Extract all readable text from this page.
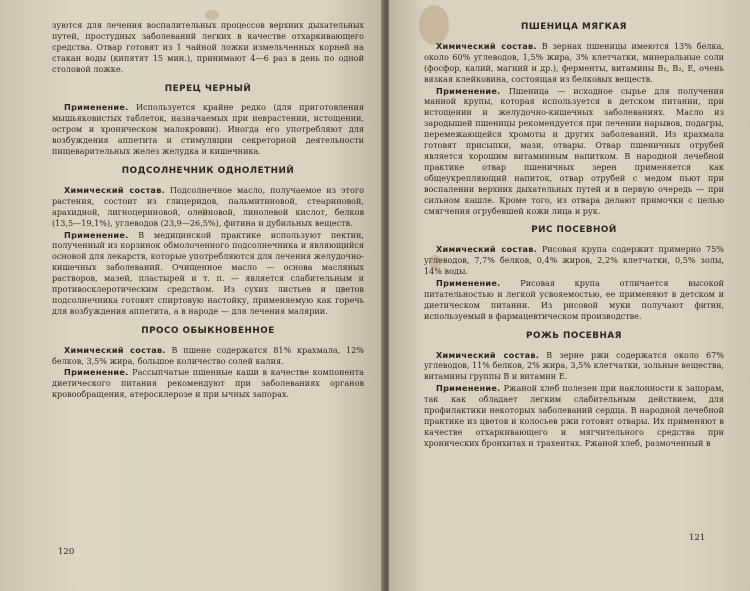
зуются для лечения воспалительных процессов верхних дыхательных путей, простудных заболеваний легких в качестве отхаркивающего средства. Отвар готовят из 1 чайной ложки измельченных корней на стакан воды (кипятят 15 мин.), принимают 4—6 раз в день по одной столовой ложке.

ПЕРЕЦ ЧЕРНЫЙ

Применение. Используется крайне редко (для приготовления мышьяковистых таблеток, назначаемых при неврастении, истощении, остром и хроническом малокровии). Иногда его употребляют для возбуждения аппетита и стимуляции секреторной деятельности пищеварительных желез желудка и кишечника.

ПОДСОЛНЕЧНИК ОДНОЛЕТНИЙ

Химический состав. Подсолнечное масло, получаемое из этого растения, состоит из глицеридов, пальмитиновой, стеариновой, арахидной, лигноцериновой, олеиновой, линолевой кислот, белков (13,5—19,1%), углеводов (23,9—26,5%), фитина и дубильных веществ.

Применение. В медицинской практике используют пектин, полученный из корзинок обмолоченного подсолнечника и являющийся основой для лекарств, которые употребляются для лечения желудочно-кишечных заболеваний. Очищенное масло — основа масляных растворов, мазей, пластырей и т. п. — является слабительным и противосклеротическим средством. Из сухих листьев и цветов подсолнечника готовят спиртовую настойку, применяемую как горечь для возбуждения аппетита, а в народе — для лечения малярии.

ПРОСО ОБЫКНОВЕННОЕ

Химический состав. В пшене содержатся 81% крахмала, 12% белков, 3,5% жира, большое количество солей калия.

Применение. Рассыпчатые пшенные каши в качестве компонента диетического питания рекомендуют при заболеваниях органов кровообращения, атеросклерозе и при ычных запорах.

120
ПШЕНИЦА МЯГКАЯ

Химический состав. В зернах пшеницы имеются 13% белка, около 60% углеводов, 1,5% жира, 3% клетчатки, минеральные соли (фосфор, калий, магний и др.), ферменты, витамины B₁, B₂, E, очень вязкая клейковина, состоящая из белковых веществ.

Применение. Пшеница — исходное сырье для получения манной крупы, которая используется в детском питании, при истощении и желудочно-кишечных заболеваниях. Масло из зародышей пшеницы рекомендуется при лечении нарывов, подагры, перемежающейся хромоты и других заболеваний. Из крахмала готовят присыпки, мази, отвары. Отвар пшеничных отрубей является хорошим витаминным напитком. В народной лечебной практике отвар пшеничных зерен применяется как общеукрепляющий напиток, отвар отрубей с медом пьют при воспалении верхних дыхательных путей и в первую очередь — при сильном кашле. Кроме того, из отвара делают примочки с целью смягчения огрубевшей кожи лица и рук.

РИС ПОСЕВНОЙ

Химический состав. Рисовая крупа содержит примерно 75% углеводов, 7,7% белков, 0,4% жиров, 2,2% клетчатки, 0,5% золы, 14% воды.

Применение. Рисовая крупа отличается высокой питательностью и легкой усвояемостью, ее применяют в детском и диетическом питании. Из рисовой муки получают фитин, используемый в фармацевтическом производстве.

РОЖЬ ПОСЕВНАЯ

Химический состав. В зерне ржи содержатся около 67% углеводов, 11% белков, 2% жира, 3,5% клетчатки, зольные вещества, витамины группы B и витамин E.

Применение. Ржаной хлеб полезен при наклонности к запорам, так как обладает легким слабительным действием, для профилактики некоторых заболеваний сердца. В народной лечебной практике из цветов и колосьев ржи готовят отвары. Их применяют в качестве отхаркивающего и мягчительного средства при хронических бронхитах и трахеитах. Ржаной хлеб, размоченный в

121
